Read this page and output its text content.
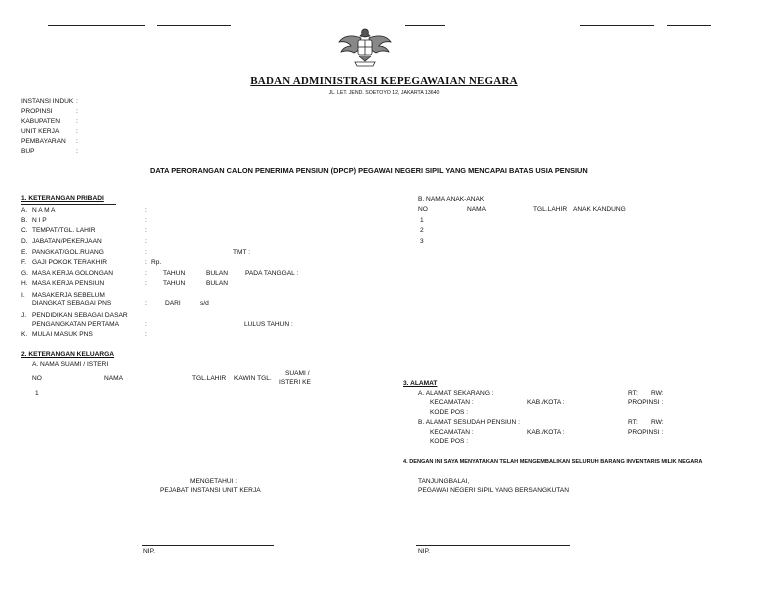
BADAN ADMINISTRASI KEPEGAWAIAN NEGARA
JL. LET. JEND. SOETOYO 12, JAKARTA 13640
INSTANSI INDUK :
PROPINSI	:
KABUPATEN :
UNIT KERJA	:
PEMBAYARAN :
BUP	:
DATA PERORANGAN CALON PENERIMA PENSIUN (DPCP) PEGAWAI NEGERI SIPIL YANG MENCAPAI BATAS USIA PENSIUN
1. KETERANGAN PRIBADI
A. N A M A	:
B. N I P	:
C. TEMPAT/TGL. LAHIR	:
D. JABATAN/PEKERJAAN	:
E. PANGKAT/GOL.RUANG	:	TMT :
F. GAJI POKOK TERAKHIR	: Rp.
G. MASA KERJA GOLONGAN	: TAHUN	BULAN	PADA TANGGAL :
H. MASA KERJA PENSIUN	: TAHUN	BULAN
I. MASAKERJA SEBELUM
DIANGKAT SEBAGAI PNS	:	DARI	s/d
J. PENDIDIKAN SEBAGAI DASAR
PENGANGKATAN PERTAMA	:	LULUS TAHUN :
K. MULAI MASUK PNS	:
2. KETERANGAN KELUARGA
A. NAMA SUAMI / ISTERI
NO	NAMA	TGL.LAHIR KAWIN TGL.
SUAMI /
ISTERI KE
1
B. NAMA ANAK-ANAK
NO	NAMA	TGL.LAHIR ANAK KANDUNG
1
2
3
3. ALAMAT
A. ALAMAT SEKARANG :	RT: RW:
KECAMATAN :	KAB./KOTA :	PROPINSI :
KODE POS :
B. ALAMAT SESUDAH PENSIUN :	RT: RW:
KECAMATAN :	KAB./KOTA :	PROPINSI :
KODE POS :
4. DENGAN INI SAYA MENYATAKAN TELAH MENGEMBALIKAN SELURUH BARANG INVENTARIS MILIK NEGARA
MENGETAHUI :
PEJABAT INSTANSI UNIT KERJA
NIP.
TANJUNGBALAI,
PEGAWAI NEGERI SIPIL YANG BERSANGKUTAN
NIP.
